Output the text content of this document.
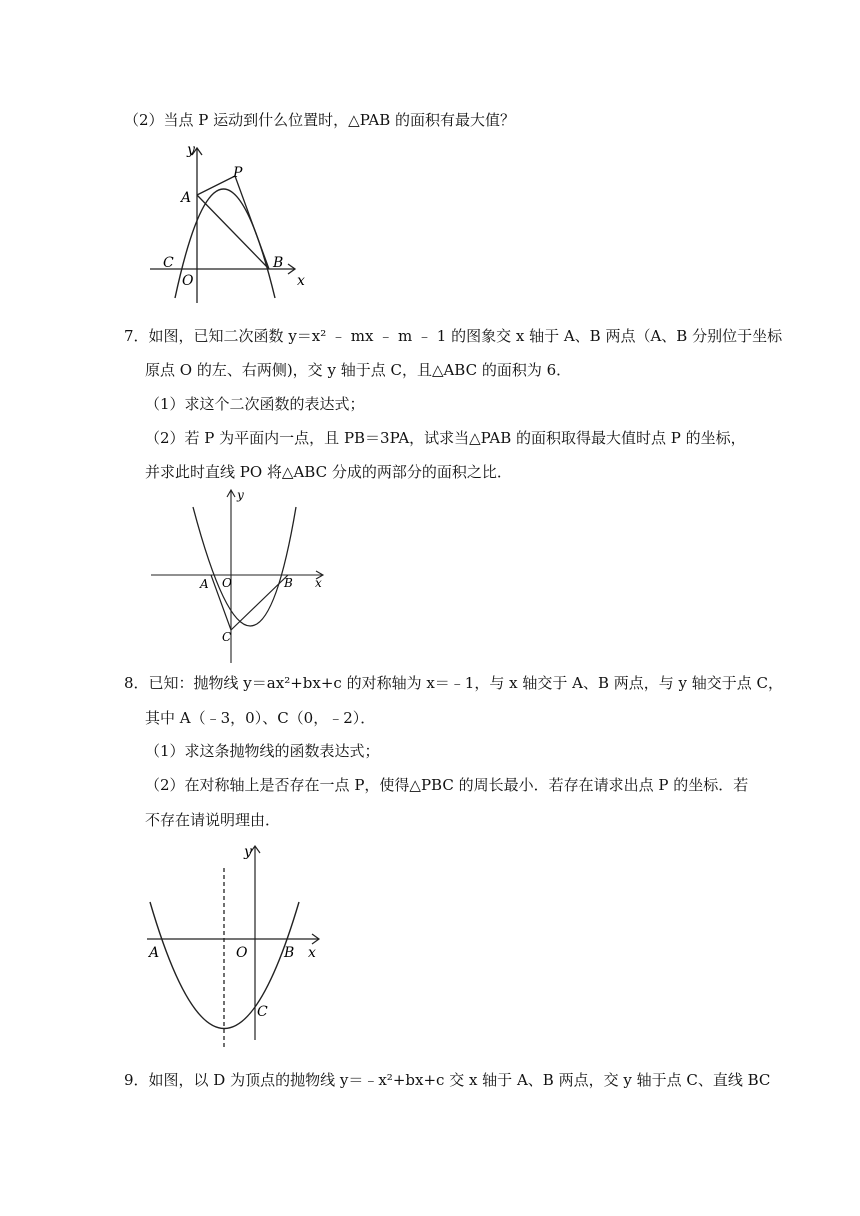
（2）当点 P 运动到什么位置时，△PAB 的面积有最大值？
y
x
A
P
C
O
B
7．如图，已知二次函数 y＝x² ﹣ mx ﹣ m ﹣ 1 的图象交 x 轴于 A、B 两点（A、B 分别位于坐标
原点 O 的左、右两侧)，交 y 轴于点 C，且△ABC 的面积为 6．
（1）求这个二次函数的表达式；
（2）若 P 为平面内一点，且 PB＝3PA，试求当△PAB 的面积取得最大值时点 P 的坐标，
并求此时直线 PO 将△ABC 分成的两部分的面积之比．
y
x
A O	B
C
8．已知：抛物线 y＝ax²+bx+c 的对称轴为 x＝﹣1，与 x 轴交于 A、B 两点，与 y 轴交于点 C，
其中 A（﹣3，0）、C（0，﹣2）．
（1）求这条抛物线的函数表达式；
（2）在对称轴上是否存在一点 P，使得△PBC 的周长最小．若存在请求出点 P 的坐标．若
不存在请说明理由．
y
x
A	O	B
C
9．如图，以 D 为顶点的抛物线 y＝﹣x²+bx+c 交 x 轴于 A、B 两点，交 y 轴于点 C、直线 BC
